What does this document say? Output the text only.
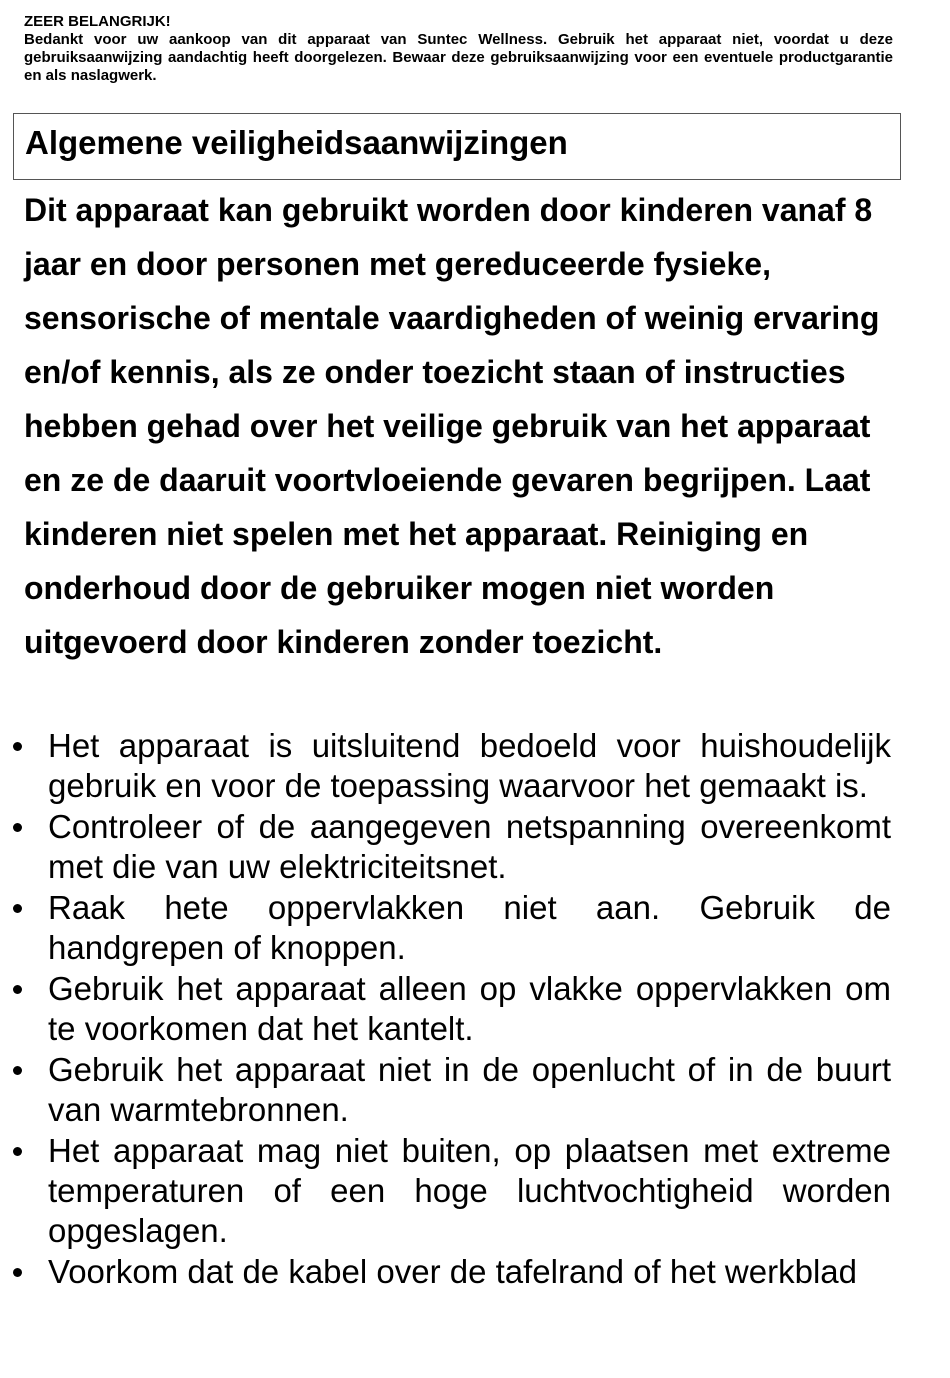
ZEER BELANGRIJK!
Bedankt voor uw aankoop van dit apparaat van Suntec Wellness. Gebruik het apparaat niet, voordat u deze gebruiksaanwijzing aandachtig heeft doorgelezen. Bewaar deze gebruiksaanwijzing voor een eventuele productgarantie en als naslagwerk.
Algemene veiligheidsaanwijzingen
Dit apparaat kan gebruikt worden door kinderen vanaf 8 jaar en door personen met gereduceerde fysieke, sensorische of mentale vaardigheden of weinig ervaring en/of kennis, als ze onder toezicht staan of instructies hebben gehad over het veilige gebruik van het apparaat en ze de daaruit voortvloeiende gevaren begrijpen. Laat kinderen niet spelen met het apparaat. Reiniging en onderhoud door de gebruiker mogen niet worden uitgevoerd door kinderen zonder toezicht.
Het apparaat is uitsluitend bedoeld voor huishoudelijk gebruik en voor de toepassing waarvoor het gemaakt is.
Controleer of de aangegeven netspanning overeenkomt met die van uw elektriciteitsnet.
Raak hete oppervlakken niet aan. Gebruik de handgrepen of knoppen.
Gebruik het apparaat alleen op vlakke oppervlakken om te voorkomen dat het kantelt.
Gebruik het apparaat niet in de openlucht of in de buurt van warmtebronnen.
Het apparaat mag niet buiten, op plaatsen met extreme temperaturen of een hoge luchtvochtigheid worden opgeslagen.
Voorkom dat de kabel over de tafelrand of het werkblad
